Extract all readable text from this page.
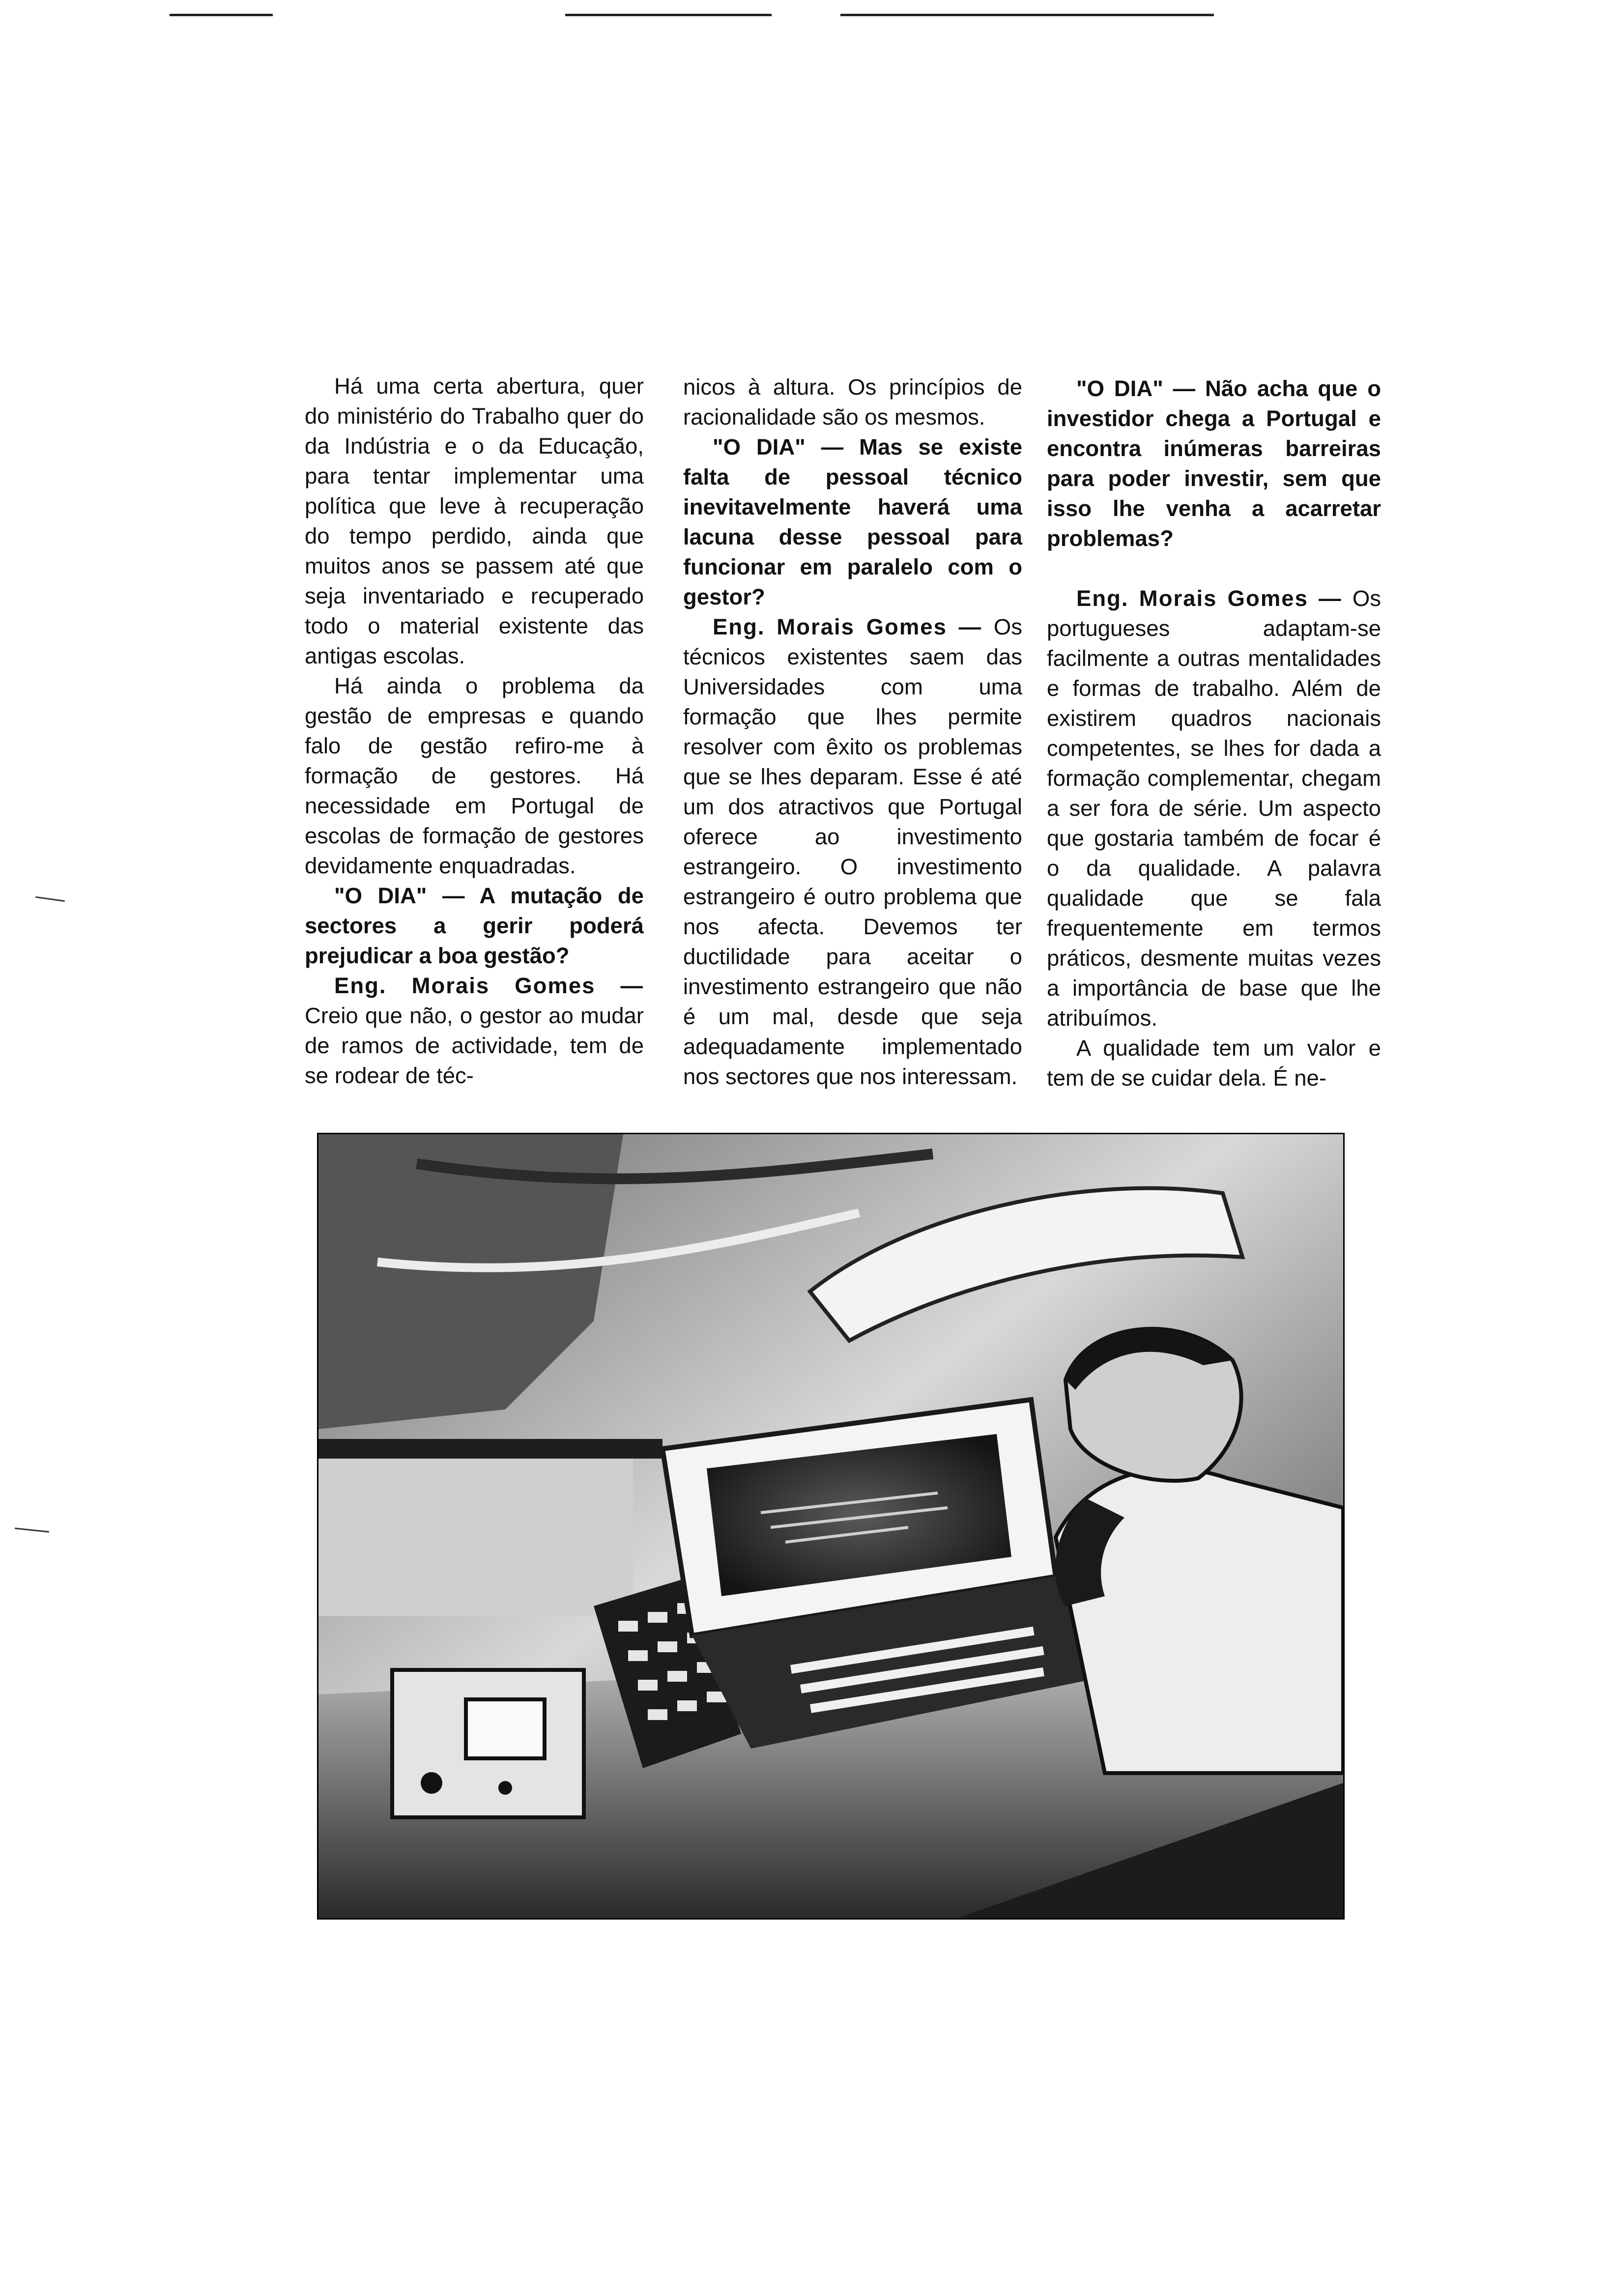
Há uma certa abertura, quer do ministério do Trabalho quer do da Indústria e o da Educação, para tentar implementar uma política que leve à recuperação do tempo perdido, ainda que muitos anos se passem até que seja inventariado e recuperado todo o material existente das antigas escolas.

Há ainda o problema da gestão de empresas e quando falo de gestão refiro-me à formação de gestores. Há necessidade em Portugal de escolas de formação de gestores devidamente enquadradas.

"O DIA" — A mutação de sectores a gerir poderá prejudicar a boa gestão?

Eng. Morais Gomes — Creio que não, o gestor ao mudar de ramos de actividade, tem de se rodear de téc-

nicos à altura. Os princípios de racionalidade são os mesmos.

"O DIA" — Mas se existe falta de pessoal técnico inevitavelmente haverá uma lacuna desse pessoal para funcionar em paralelo com o gestor?

Eng. Morais Gomes — Os técnicos existentes saem das Universidades com uma formação que lhes permite resolver com êxito os problemas que se lhes deparam. Esse é até um dos atractivos que Portugal oferece ao investimento estrangeiro. O investimento estrangeiro é outro problema que nos afecta. Devemos ter ductilidade para aceitar o investimento estrangeiro que não é um mal, desde que seja adequadamente implementado nos sectores que nos interessam.

"O DIA" — Não acha que o investidor chega a Portugal e encontra inúmeras barreiras para poder investir, sem que isso lhe venha a acarretar problemas?

Eng. Morais Gomes — Os portugueses adaptam-se facilmente a outras mentalidades e formas de trabalho. Além de existirem quadros nacionais competentes, se lhes for dada a formação complementar, chegam a ser fora de série. Um aspecto que gostaria também de focar é o da qualidade. A palavra qualidade que se fala frequentemente em termos práticos, desmente muitas vezes a importância de base que lhe atribuímos.

A qualidade tem um valor e tem de se cuidar dela. É ne-
